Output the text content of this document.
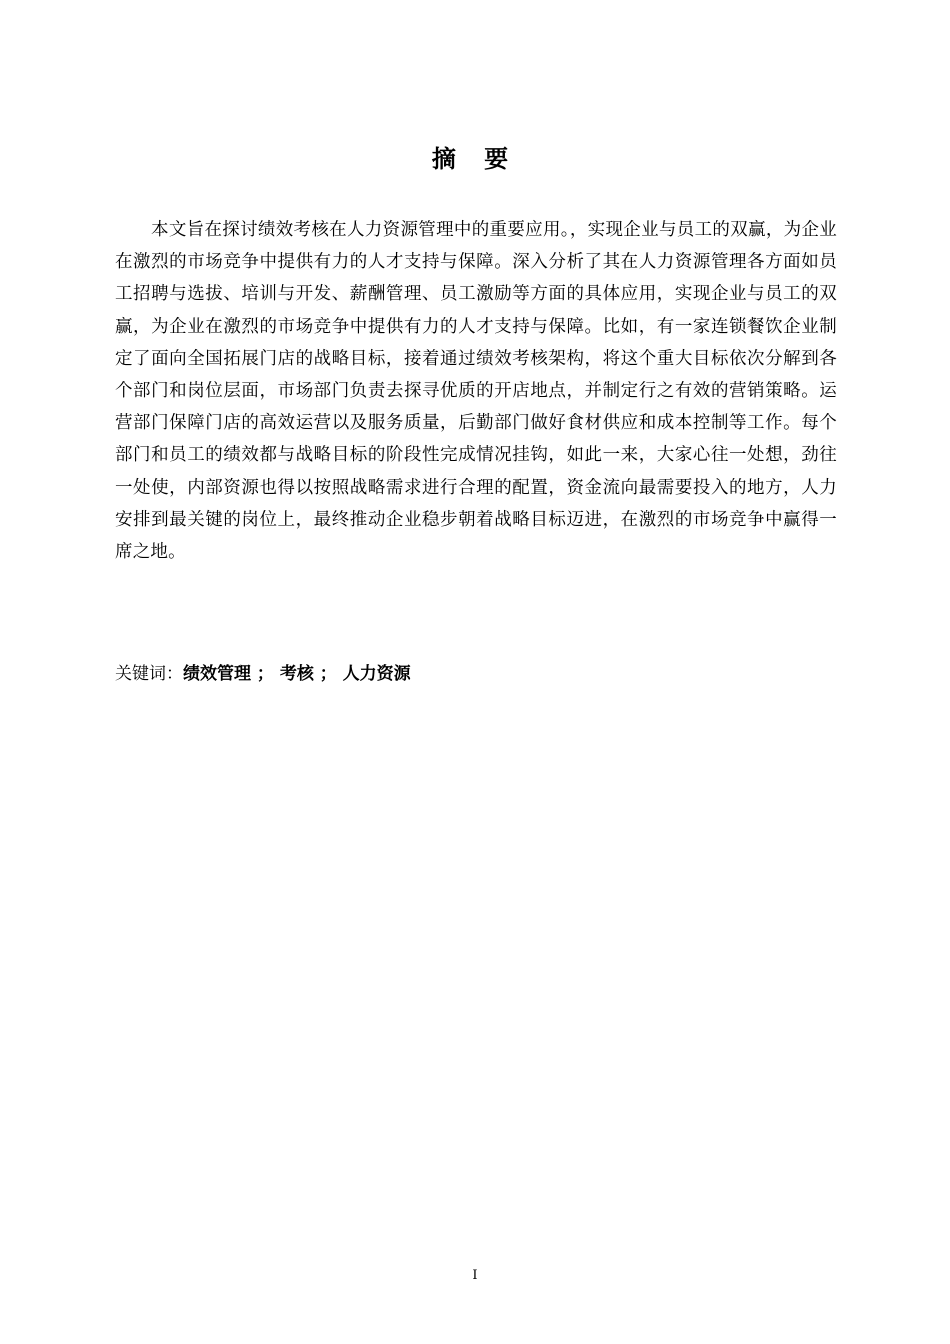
摘 要

本文旨在探讨绩效考核在人力资源管理中的重要应用。，实现企业与员工的双赢，为企业在激烈的市场竞争中提供有力的人才支持与保障。深入分析了其在人力资源管理各方面如员工招聘与选拔、培训与开发、薪酬管理、员工激励等方面的具体应用，实现企业与员工的双赢，为企业在激烈的市场竞争中提供有力的人才支持与保障。比如，有一家连锁餐饮企业制定了面向全国拓展门店的战略目标，接着通过绩效考核架构，将这个重大目标依次分解到各个部门和岗位层面，市场部门负责去探寻优质的开店地点，并制定行之有效的营销策略。运营部门保障门店的高效运营以及服务质量，后勤部门做好食材供应和成本控制等工作。每个部门和员工的绩效都与战略目标的阶段性完成情况挂钩，如此一来，大家心往一处想，劲往一处使，内部资源也得以按照战略需求进行合理的配置，资金流向最需要投入的地方，人力安排到最关键的岗位上，最终推动企业稳步朝着战略目标迈进，在激烈的市场竞争中赢得一席之地。

关键词：绩效管理 ； 考核 ； 人力资源
I
